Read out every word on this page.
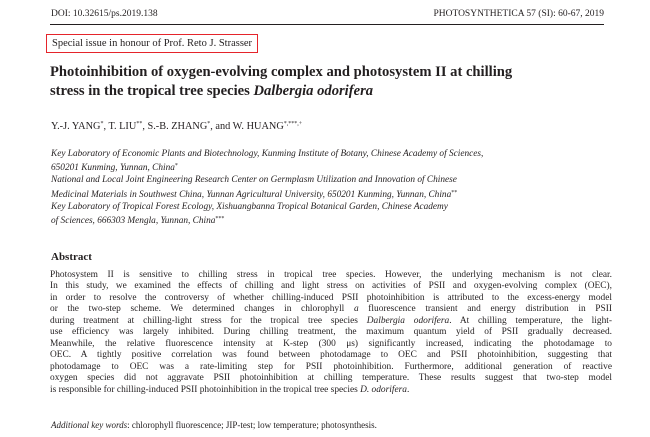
DOI: 10.32615/ps.2019.138	PHOTOSYNTHETICA 57 (SI): 60-67, 2019
Special issue in honour of Prof. Reto J. Strasser
Photoinhibition of oxygen-evolving complex and photosystem II at chilling
stress in the tropical tree species Dalbergia odorifera
Y.-J. YANG*, T. LIU**, S.-B. ZHANG*, and W. HUANG*,***,+
Key Laboratory of Economic Plants and Biotechnology, Kunming Institute of Botany, Chinese Academy of Sciences,
650201 Kunming, Yunnan, China*
National and Local Joint Engineering Research Center on Germplasm Utilization and Innovation of Chinese
Medicinal Materials in Southwest China, Yunnan Agricultural University, 650201 Kunming, Yunnan, China**
Key Laboratory of Tropical Forest Ecology, Xishuangbanna Tropical Botanical Garden, Chinese Academy
of Sciences, 666303 Mengla, Yunnan, China***
Abstract
Photosystem II is sensitive to chilling stress in tropical tree species. However, the underlying mechanism is not clear.
In this study, we examined the effects of chilling and light stress on activities of PSII and oxygen-evolving complex (OEC),
in order to resolve the controversy of whether chilling-induced PSII photoinhibition is attributed to the excess-energy model
or the two-step scheme. We determined changes in chlorophyll a fluorescence transient and energy distribution in PSII
during treatment at chilling-light stress for the tropical tree species Dalbergia odorifera. At chilling temperature, the light-
use efficiency was largely inhibited. During chilling treatment, the maximum quantum yield of PSII gradually decreased.
Meanwhile, the relative fluorescence intensity at K-step (300 μs) significantly increased, indicating the photodamage to
OEC. A tightly positive correlation was found between photodamage to OEC and PSII photoinhibition, suggesting that
photodamage to OEC was a rate-limiting step for PSII photoinhibition. Furthermore, additional generation of reactive
oxygen species did not aggravate PSII photoinhibition at chilling temperature. These results suggest that two-step model
is responsible for chilling-induced PSII photoinhibition in the tropical tree species D. odorifera.
Additional key words: chlorophyll fluorescence; JIP-test; low temperature; photosynthesis.
